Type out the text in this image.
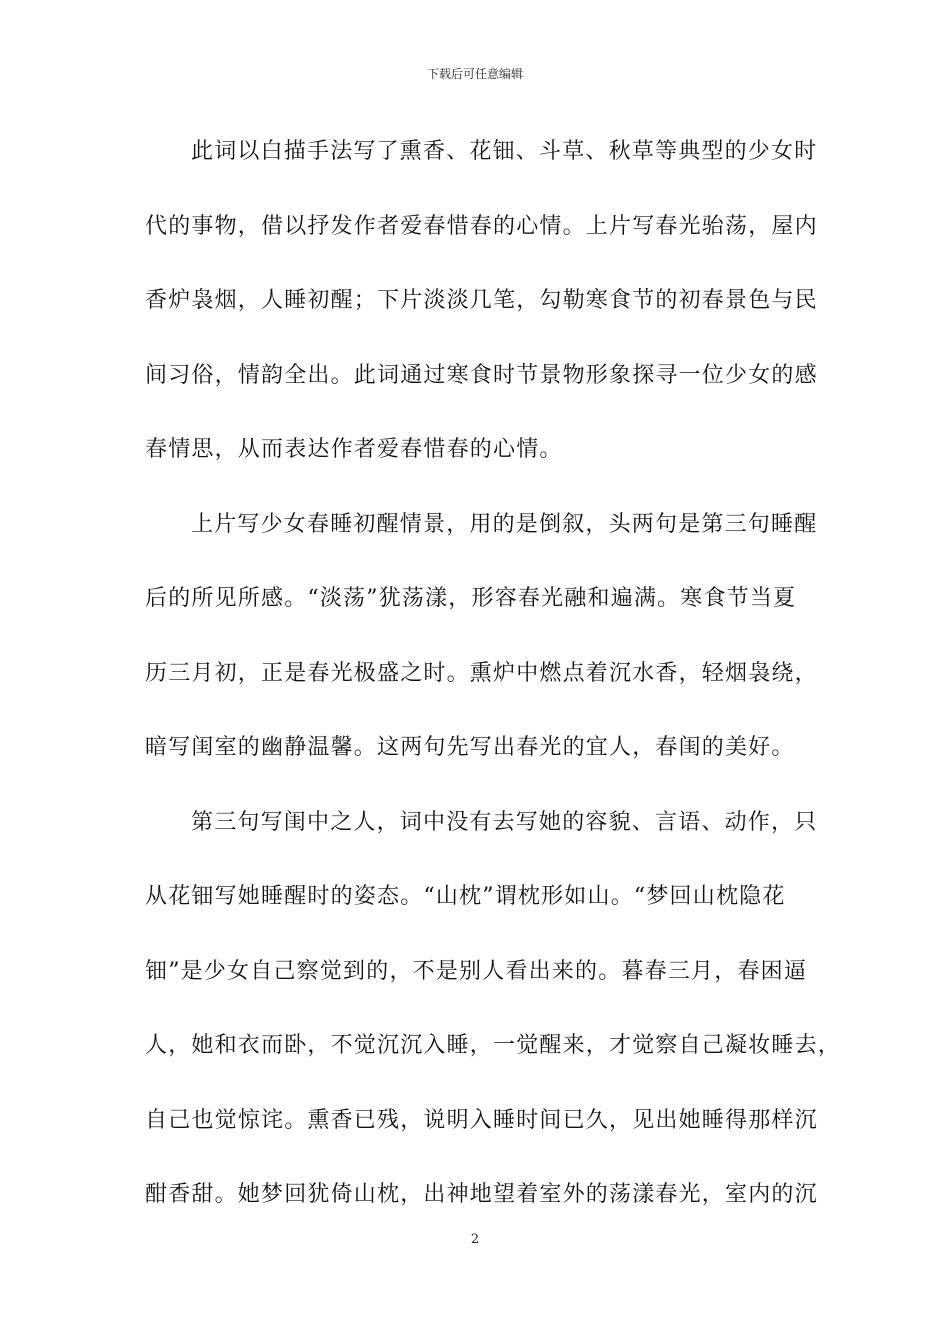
下载后可任意编辑
此词以白描手法写了熏香、花钿、斗草、秋草等典型的少女时
代的事物，借以抒发作者爱春惜春的心情。上片写春光骀荡，屋内
香炉袅烟，人睡初醒；下片淡淡几笔，勾勒寒食节的初春景色与民
间习俗，情韵全出。此词通过寒食时节景物形象探寻一位少女的感
春情思，从而表达作者爱春惜春的心情。
上片写少女春睡初醒情景，用的是倒叙，头两句是第三句睡醒
后的所见所感。“淡荡”犹荡漾，形容春光融和遍满。寒食节当夏
历三月初，正是春光极盛之时。熏炉中燃点着沉水香，轻烟袅绕，
暗写闺室的幽静温馨。这两句先写出春光的宜人，春闺的美好。
第三句写闺中之人，词中没有去写她的容貌、言语、动作，只
从花钿写她睡醒时的姿态。“山枕”谓枕形如山。“梦回山枕隐花
钿”是少女自己察觉到的，不是别人看出来的。暮春三月，春困逼
人，她和衣而卧，不觉沉沉入睡，一觉醒来，才觉察自己凝妆睡去，
自己也觉惊诧。熏香已残，说明入睡时间已久，见出她睡得那样沉
酣香甜。她梦回犹倚山枕，出神地望着室外的荡漾春光，室内的沉
2
